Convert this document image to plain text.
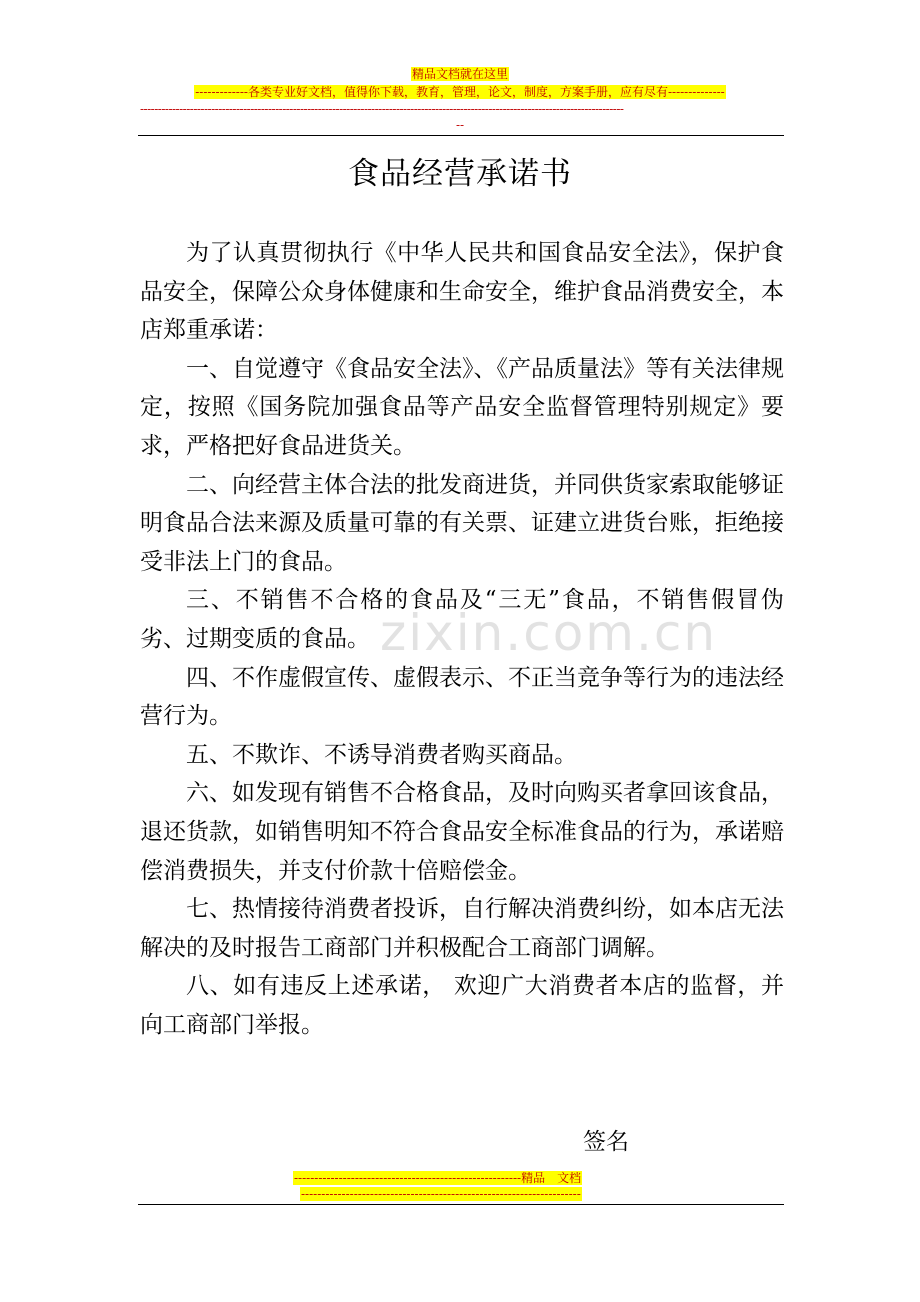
精品文档就在这里
-------------各类专业好文档，值得你下载，教育，管理，论文，制度，方案手册，应有尽有--------------
----------------------------------------------------------------------------------------------------------------------------------------
--
zixin.com.cn
食品经营承诺书

为了认真贯彻执行《中华人民共和国食品安全法》，保护食品安全，保障公众身体健康和生命安全，维护食品消费安全，本店郑重承诺：

一、自觉遵守《食品安全法》、《产品质量法》等有关法律规定，按照《国务院加强食品等产品安全监督管理特别规定》要求，严格把好食品进货关。

二、向经营主体合法的批发商进货，并同供货家索取能够证明食品合法来源及质量可靠的有关票、证建立进货台账，拒绝接受非法上门的食品。

三、不销售不合格的食品及“三无”食品，不销售假冒伪劣、过期变质的食品。

四、不作虚假宣传、虚假表示、不正当竞争等行为的违法经营行为。

五、不欺诈、不诱导消费者购买商品。

六、如发现有销售不合格食品，及时向购买者拿回该食品，退还货款，如销售明知不符合食品安全标准食品的行为，承诺赔偿消费损失，并支付价款十倍赔偿金。

七、热情接待消费者投诉，自行解决消费纠纷，如本店无法解决的及时报告工商部门并积极配合工商部门调解。

八、如有违反上述承诺， 欢迎广大消费者本店的监督，并向工商部门举报。

签名
--------------------------------------------------------精品　文档
---------------------------------------------------------------------
